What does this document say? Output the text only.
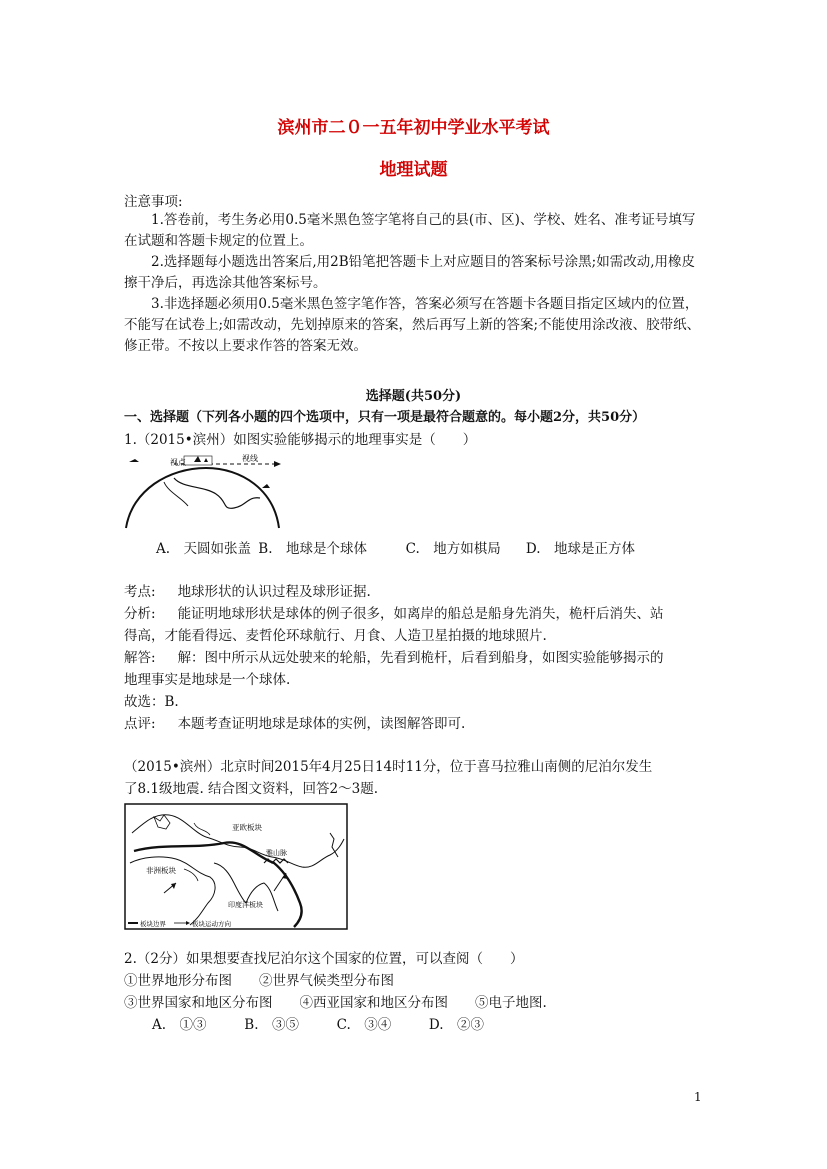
滨州市二０一五年初中学业水平考试
地理试题
注意事项:
1.答卷前，考生务必用0.5毫米黑色签字笔将自己的县(市、区)、学校、姓名、准考证号填写在试题和答题卡规定的位置上。
2.选择题每小题选出答案后,用2B铅笔把答题卡上对应题目的答案标号涂黑;如需改动,用橡皮擦干净后，再选涂其他答案标号。
3.非选择题必须用0.5毫米黑色签字笔作答，答案必须写在答题卡各题目指定区域内的位置，不能写在试卷上;如需改动，先划掉原来的答案，然后再写上新的答案;不能使用涂改液、胶带纸、修正带。不按以上要求作答的答案无效。
选择题(共50分)
一、选择题（下列各小题的四个选项中，只有一项是最符合题意的。每小题2分，共50分）
1.（2015•滨州）如图实验能够揭示的地理事实是（　　）
视点	视线
A.　天圆如张盖 B.　地球是个球体	C.　地方如棋局 D.　地球是正方体
考点: 地球形状的认识过程及球形证据.
分析: 能证明地球形状是球体的例子很多，如离岸的船总是船身先消失，桅杆后消失、站
得高，才能看得远、麦哲伦环球航行、月食、人造卫星拍摄的地球照片.
解答: 解：图中所示从远处驶来的轮船，先看到桅杆，后看到船身，如图实验能够揭示的
地理事实是地球是一个球体.
故选：B.
点评: 本题考查证明地球是球体的实例，读图解答即可.
（2015•滨州）北京时间2015年4月25日14时11分，位于喜马拉雅山南侧的尼泊尔发生
了8.1级地震. 结合图文资料，回答2～3题.
亚欧板块
非洲板块
雅山脉
印度洋板块
板块边界	板块运动方向
2.（2分）如果想要查找尼泊尔这个国家的位置，可以查阅（　　）
①世界地形分布图　　②世界气候类型分布图
③世界国家和地区分布图　　④西亚国家和地区分布图　　⑤电子地图.
A.　①③	B.　③⑤	C.　③④	D.　②③
1
